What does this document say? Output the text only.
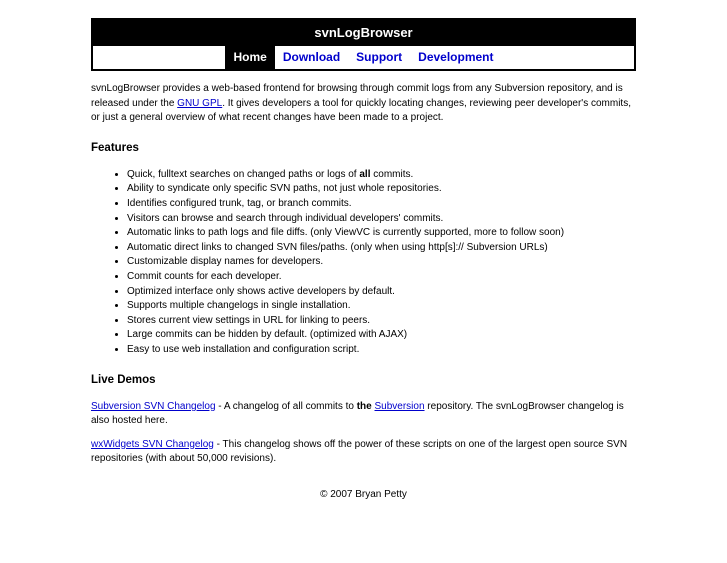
svnLogBrowser
Home	Download	Support	Development

svnLogBrowser provides a web-based frontend for browsing through commit logs from any Subversion repository, and is released under the GNU GPL. It gives developers a tool for quickly locating changes, reviewing peer developer's commits, or just a general overview of what recent changes have been made to a project.

Features
• Quick, fulltext searches on changed paths or logs of all commits.
• Ability to syndicate only specific SVN paths, not just whole repositories.
• Identifies configured trunk, tag, or branch commits.
• Visitors can browse and search through individual developers' commits.
• Automatic links to path logs and file diffs. (only ViewVC is currently supported, more to follow soon)
• Automatic direct links to changed SVN files/paths. (only when using http[s]:// Subversion URLs)
• Customizable display names for developers.
• Commit counts for each developer.
• Optimized interface only shows active developers by default.
• Supports multiple changelogs in single installation.
• Stores current view settings in URL for linking to peers.
• Large commits can be hidden by default. (optimized with AJAX)
• Easy to use web installation and configuration script.
Live Demos

Subversion SVN Changelog - A changelog of all commits to the Subversion repository. The svnLogBrowser changelog is also hosted here.

wxWidgets SVN Changelog - This changelog shows off the power of these scripts on one of the largest open source SVN repositories (with about 50,000 revisions).

© 2007 Bryan Petty
